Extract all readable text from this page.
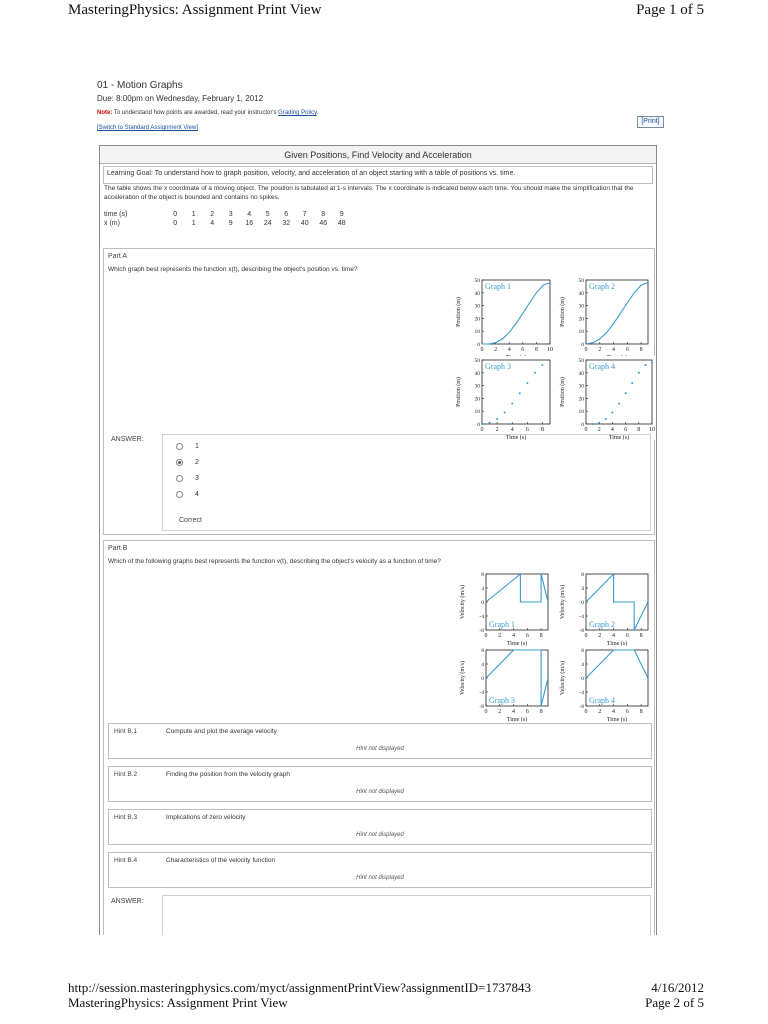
MasteringPhysics: Assignment Print View	Page 1 of 5
01 - Motion Graphs
Due: 8:00pm on Wednesday, February 1, 2012
Note: To understand how points are awarded, read your instructor's Grading Policy.
[Switch to Standard Assignment View]
[Print]
Given Positions, Find Velocity and Acceleration
Learning Goal: To understand how to graph position, velocity, and acceleration of an object starting with a table of positions vs. time.
The table shows the x coordinate of a moving object. The position is tabulated at 1-s intervals. The x coordinate is indicated below each time. You should make the simplification that the acceleration of the object is bounded and contains no spikes.
time (s)	0	1	2	3	4	5	6	7	8	9
x (m)	0	1	4	9	16	24	32	40	46	48
Part A
Which graph best represents the function x(t), describing the object's position vs. time?
0 2 4 6 8 10
0
10
20
30
40
50
Time (s)
Position (m)
Graph 1
0 2 4 6 8
0
10
20
30
40
50
Time (s)
Position (m)
Graph 2
0 2 4 6 8
0
10
20
30
40
50
Time (s)
Position (m)
Graph 3
0 2 4 6 8 10
0
10
20
30
40
50
Time (s)
Position (m)
Graph 4
ANSWER:
1
2
3
4
Correct
Part B
Which of the following graphs best represents the function v(t), describing the object's velocity as a function of time?
0 2 4 6 8
8
4
0
-4
-8
Time (s)
Velocity (m/s)
Graph 1
0 2 4 6 8
8
4
0
-4
-8
Time (s)
Velocity (m/s)
Graph 2
0 2 4 6 8
8
4
0
-4
-8
Time (s)
Velocity (m/s)
Graph 3
0 2 4 6 8
8
4
0
-4
-8
Time (s)
Velocity (m/s)
Graph 4
Hint B.1	Compute and plot the average velocity
Hint not displayed
Hint B.2	Finding the position from the velocity graph
Hint not displayed
Hint B.3	Implications of zero velocity
Hint not displayed
Hint B.4	Characteristics of the velocity function
Hint not displayed
ANSWER:
http://session.masteringphysics.com/myct/assignmentPrintView?assignmentID=1737843	4/16/2012
MasteringPhysics: Assignment Print View	Page 2 of 5
